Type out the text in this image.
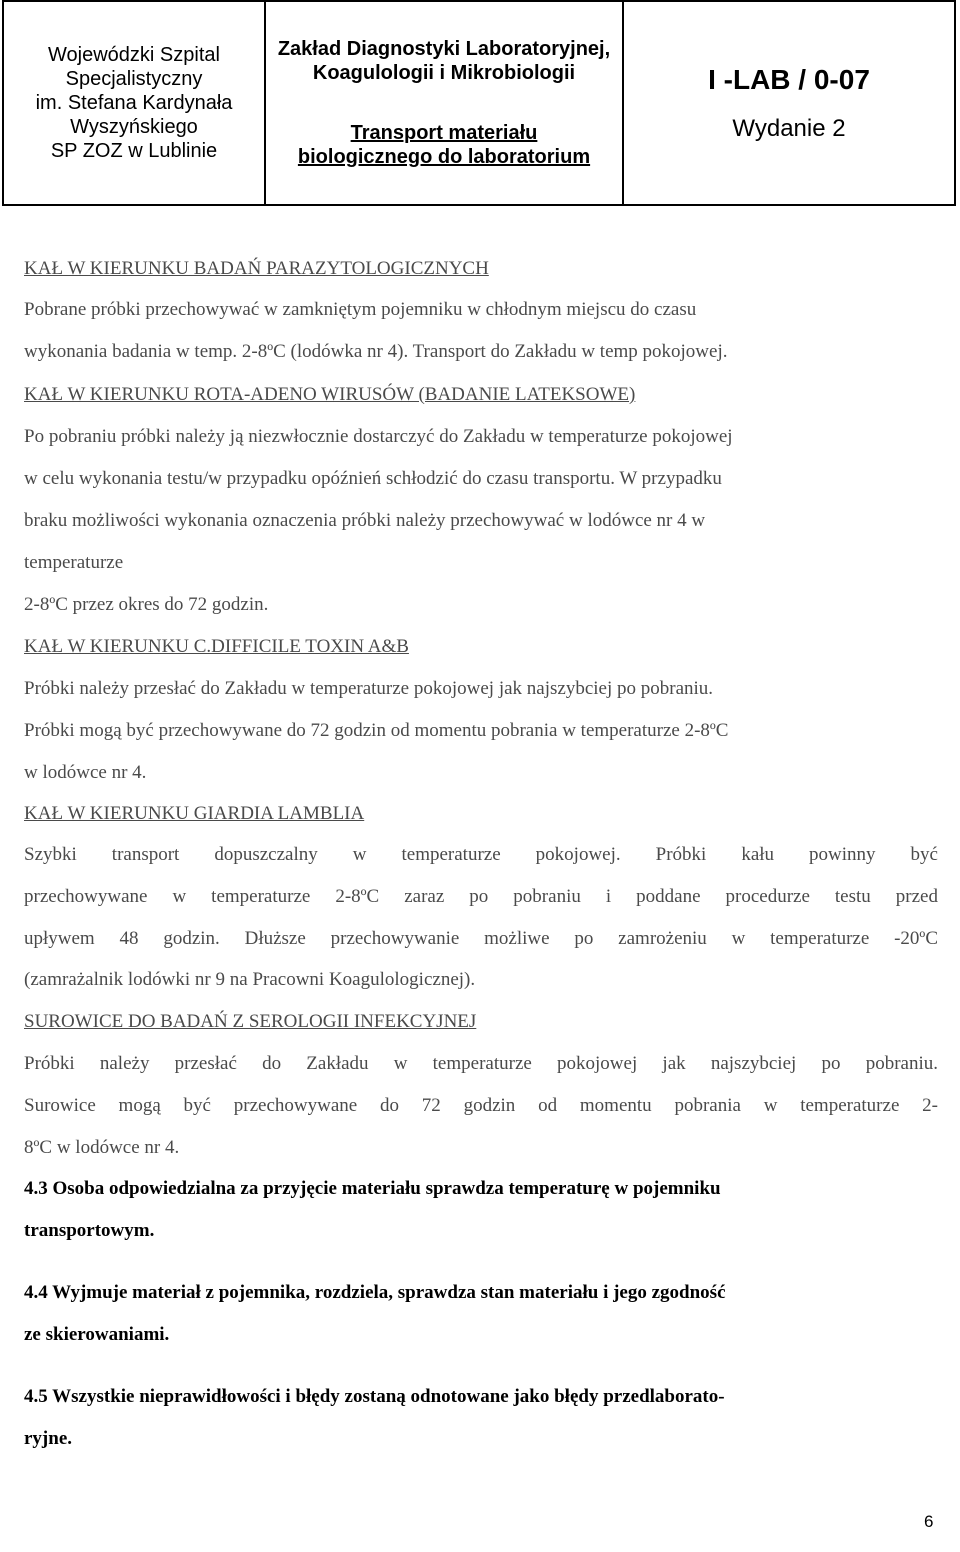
Wojewódzki Szpital
Specjalistyczny
im. Stefana Kardynała
Wyszyńskiego
SP ZOZ w Lublinie
Zakład Diagnostyki Laboratoryjnej,
Koagulologii i Mikrobiologii
Transport materiału
biologicznego do laboratorium
I -LAB / 0-07
Wydanie 2
KAŁ W KIERUNKU BADAŃ PARAZYTOLOGICZNYCH
Pobrane próbki przechowywać w zamkniętym pojemniku w chłodnym miejscu do czasu
wykonania badania w temp. 2-8ºC (lodówka nr 4). Transport do Zakładu w temp pokojowej.
KAŁ W KIERUNKU ROTA-ADENO WIRUSÓW (BADANIE LATEKSOWE)
Po pobraniu próbki należy ją niezwłocznie dostarczyć do Zakładu w temperaturze pokojowej
w celu wykonania testu/w przypadku opóźnień schłodzić do czasu transportu. W przypadku
braku możliwości wykonania oznaczenia próbki należy przechowywać w lodówce nr 4 w
temperaturze
2-8ºC przez okres do 72 godzin.
KAŁ W KIERUNKU C.DIFFICILE TOXIN A&B
Próbki należy przesłać do Zakładu w temperaturze pokojowej jak najszybciej po pobraniu.
Próbki mogą być przechowywane do 72 godzin od momentu pobrania w temperaturze 2-8ºC
w lodówce nr 4.
KAŁ W KIERUNKU GIARDIA LAMBLIA
Szybki transport dopuszczalny w temperaturze pokojowej. Próbki kału powinny być
przechowywane w temperaturze 2-8ºC zaraz po pobraniu i poddane procedurze testu przed
upływem 48 godzin. Dłuższe przechowywanie możliwe po zamrożeniu w temperaturze -20ºC
(zamrażalnik lodówki nr 9 na Pracowni Koagulologicznej).
SUROWICE DO BADAŃ Z SEROLOGII INFEKCYJNEJ
Próbki należy przesłać do Zakładu w temperaturze pokojowej jak najszybciej po pobraniu.
Surowice mogą być przechowywane do 72 godzin od momentu pobrania w temperaturze 2-
8ºC w lodówce nr 4.
4.3 Osoba odpowiedzialna za przyjęcie materiału sprawdza temperaturę w pojemniku
transportowym.
4.4 Wyjmuje materiał z pojemnika, rozdziela, sprawdza stan materiału i jego zgodność
ze skierowaniami.
4.5 Wszystkie nieprawidłowości i błędy zostaną odnotowane jako błędy przedlaborato-
ryjne.
6
